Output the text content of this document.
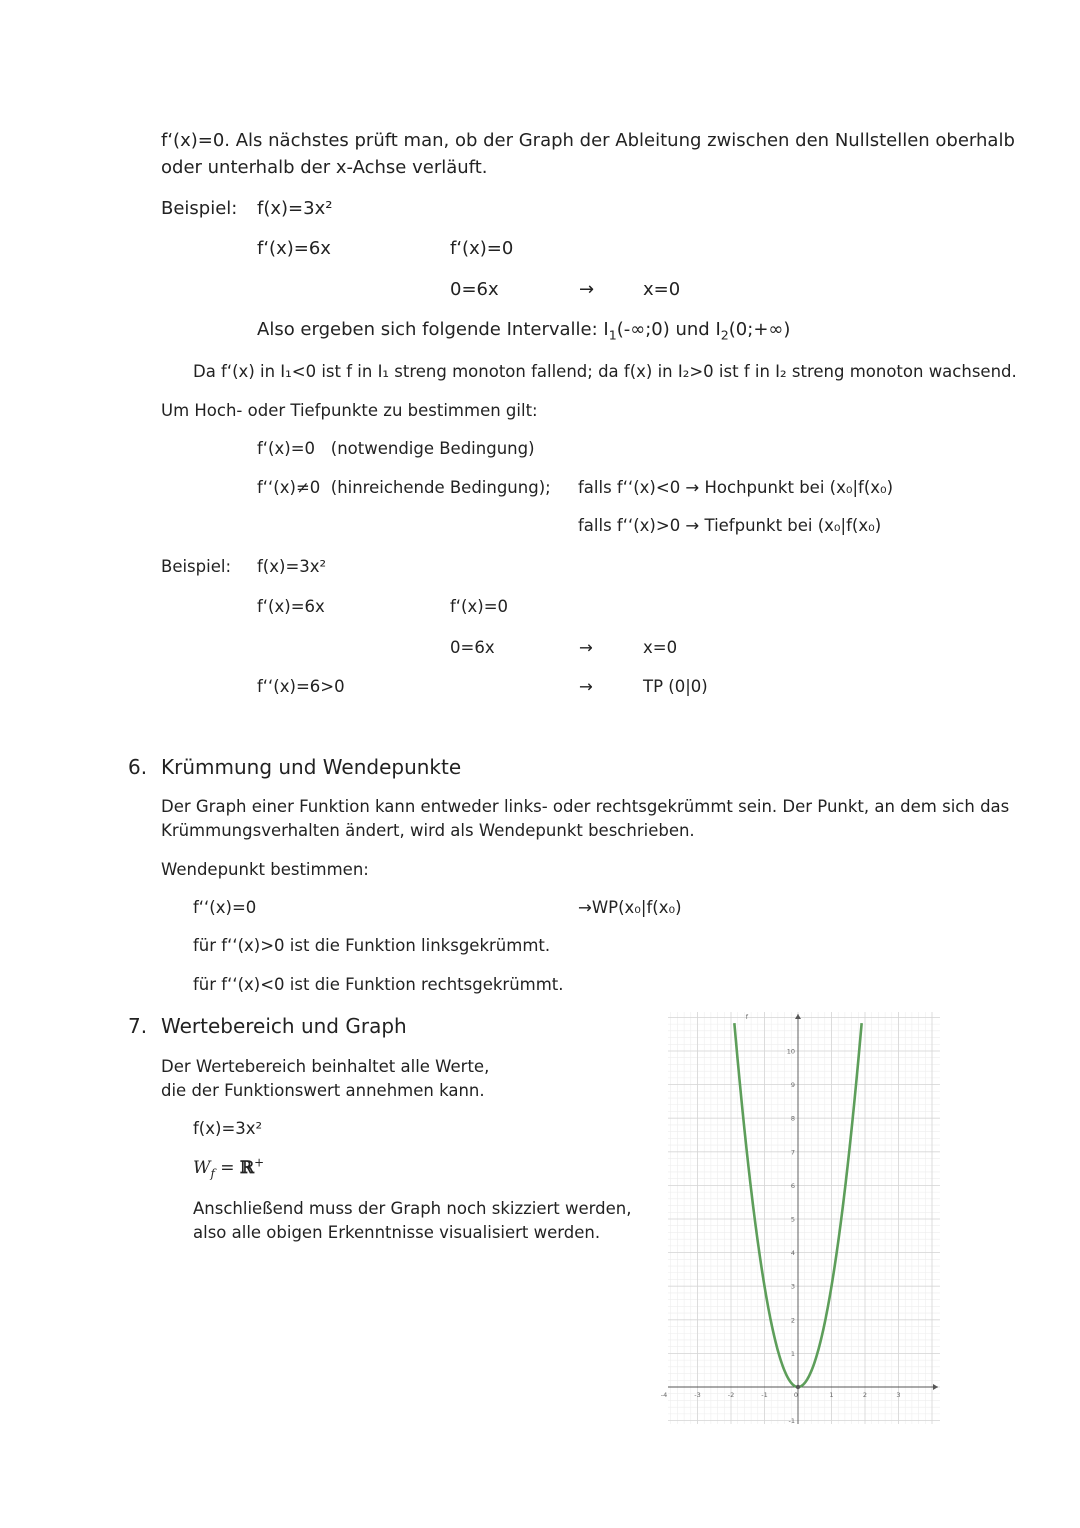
f‘(x)=0. Als nächstes prüft man, ob der Graph der Ableitung zwischen den Nullstellen oberhalb
oder unterhalb der x-Achse verläuft.
Beispiel: f(x)=3x²
f‘(x)=6x	f‘(x)=0
0=6x	→	x=0
Also ergeben sich folgende Intervalle: $I_1(-\infty;0)$ und $I_2(0;+\infty)$
Da f‘(x) in I₁<0 ist f in I₁ streng monoton fallend; da f(x) in I₂>0 ist f in I₂ streng monoton wachsend.
Um Hoch- oder Tiefpunkte zu bestimmen gilt:
f‘(x)=0   (notwendige Bedingung)
f‘‘(x)≠0  (hinreichende Bedingung); falls f‘‘(x)<0 → Hochpunkt bei (x₀|f(x₀)
falls f‘‘(x)>0 → Tiefpunkt bei (x₀|f(x₀)
Beispiel: f(x)=3x²
f‘(x)=6x	f‘(x)=0
0=6x	→	x=0
f‘‘(x)=6>0	→	TP (0|0)
6. Krümmung und Wendepunkte
Der Graph einer Funktion kann entweder links- oder rechtsgekrümmt sein. Der Punkt, an dem sich das
Krümmungsverhalten ändert, wird als Wendepunkt beschrieben.
Wendepunkt bestimmen:
f‘‘(x)=0	→WP(x₀|f(x₀)
für f‘‘(x)>0 ist die Funktion linksgekrümmt.
für f‘‘(x)<0 ist die Funktion rechtsgekrümmt.
7. Wertebereich und Graph
Der Wertebereich beinhaltet alle Werte,
die der Funktionswert annehmen kann.
f(x)=3x²
$W_f$ = ℝ+
Anschließend muss der Graph noch skizziert werden,
also alle obigen Erkenntnisse visualisiert werden.
-4	-3	-2	-1	0	1	2	3
-1
1
2
3
4
5
6
7
8
9
10
f
